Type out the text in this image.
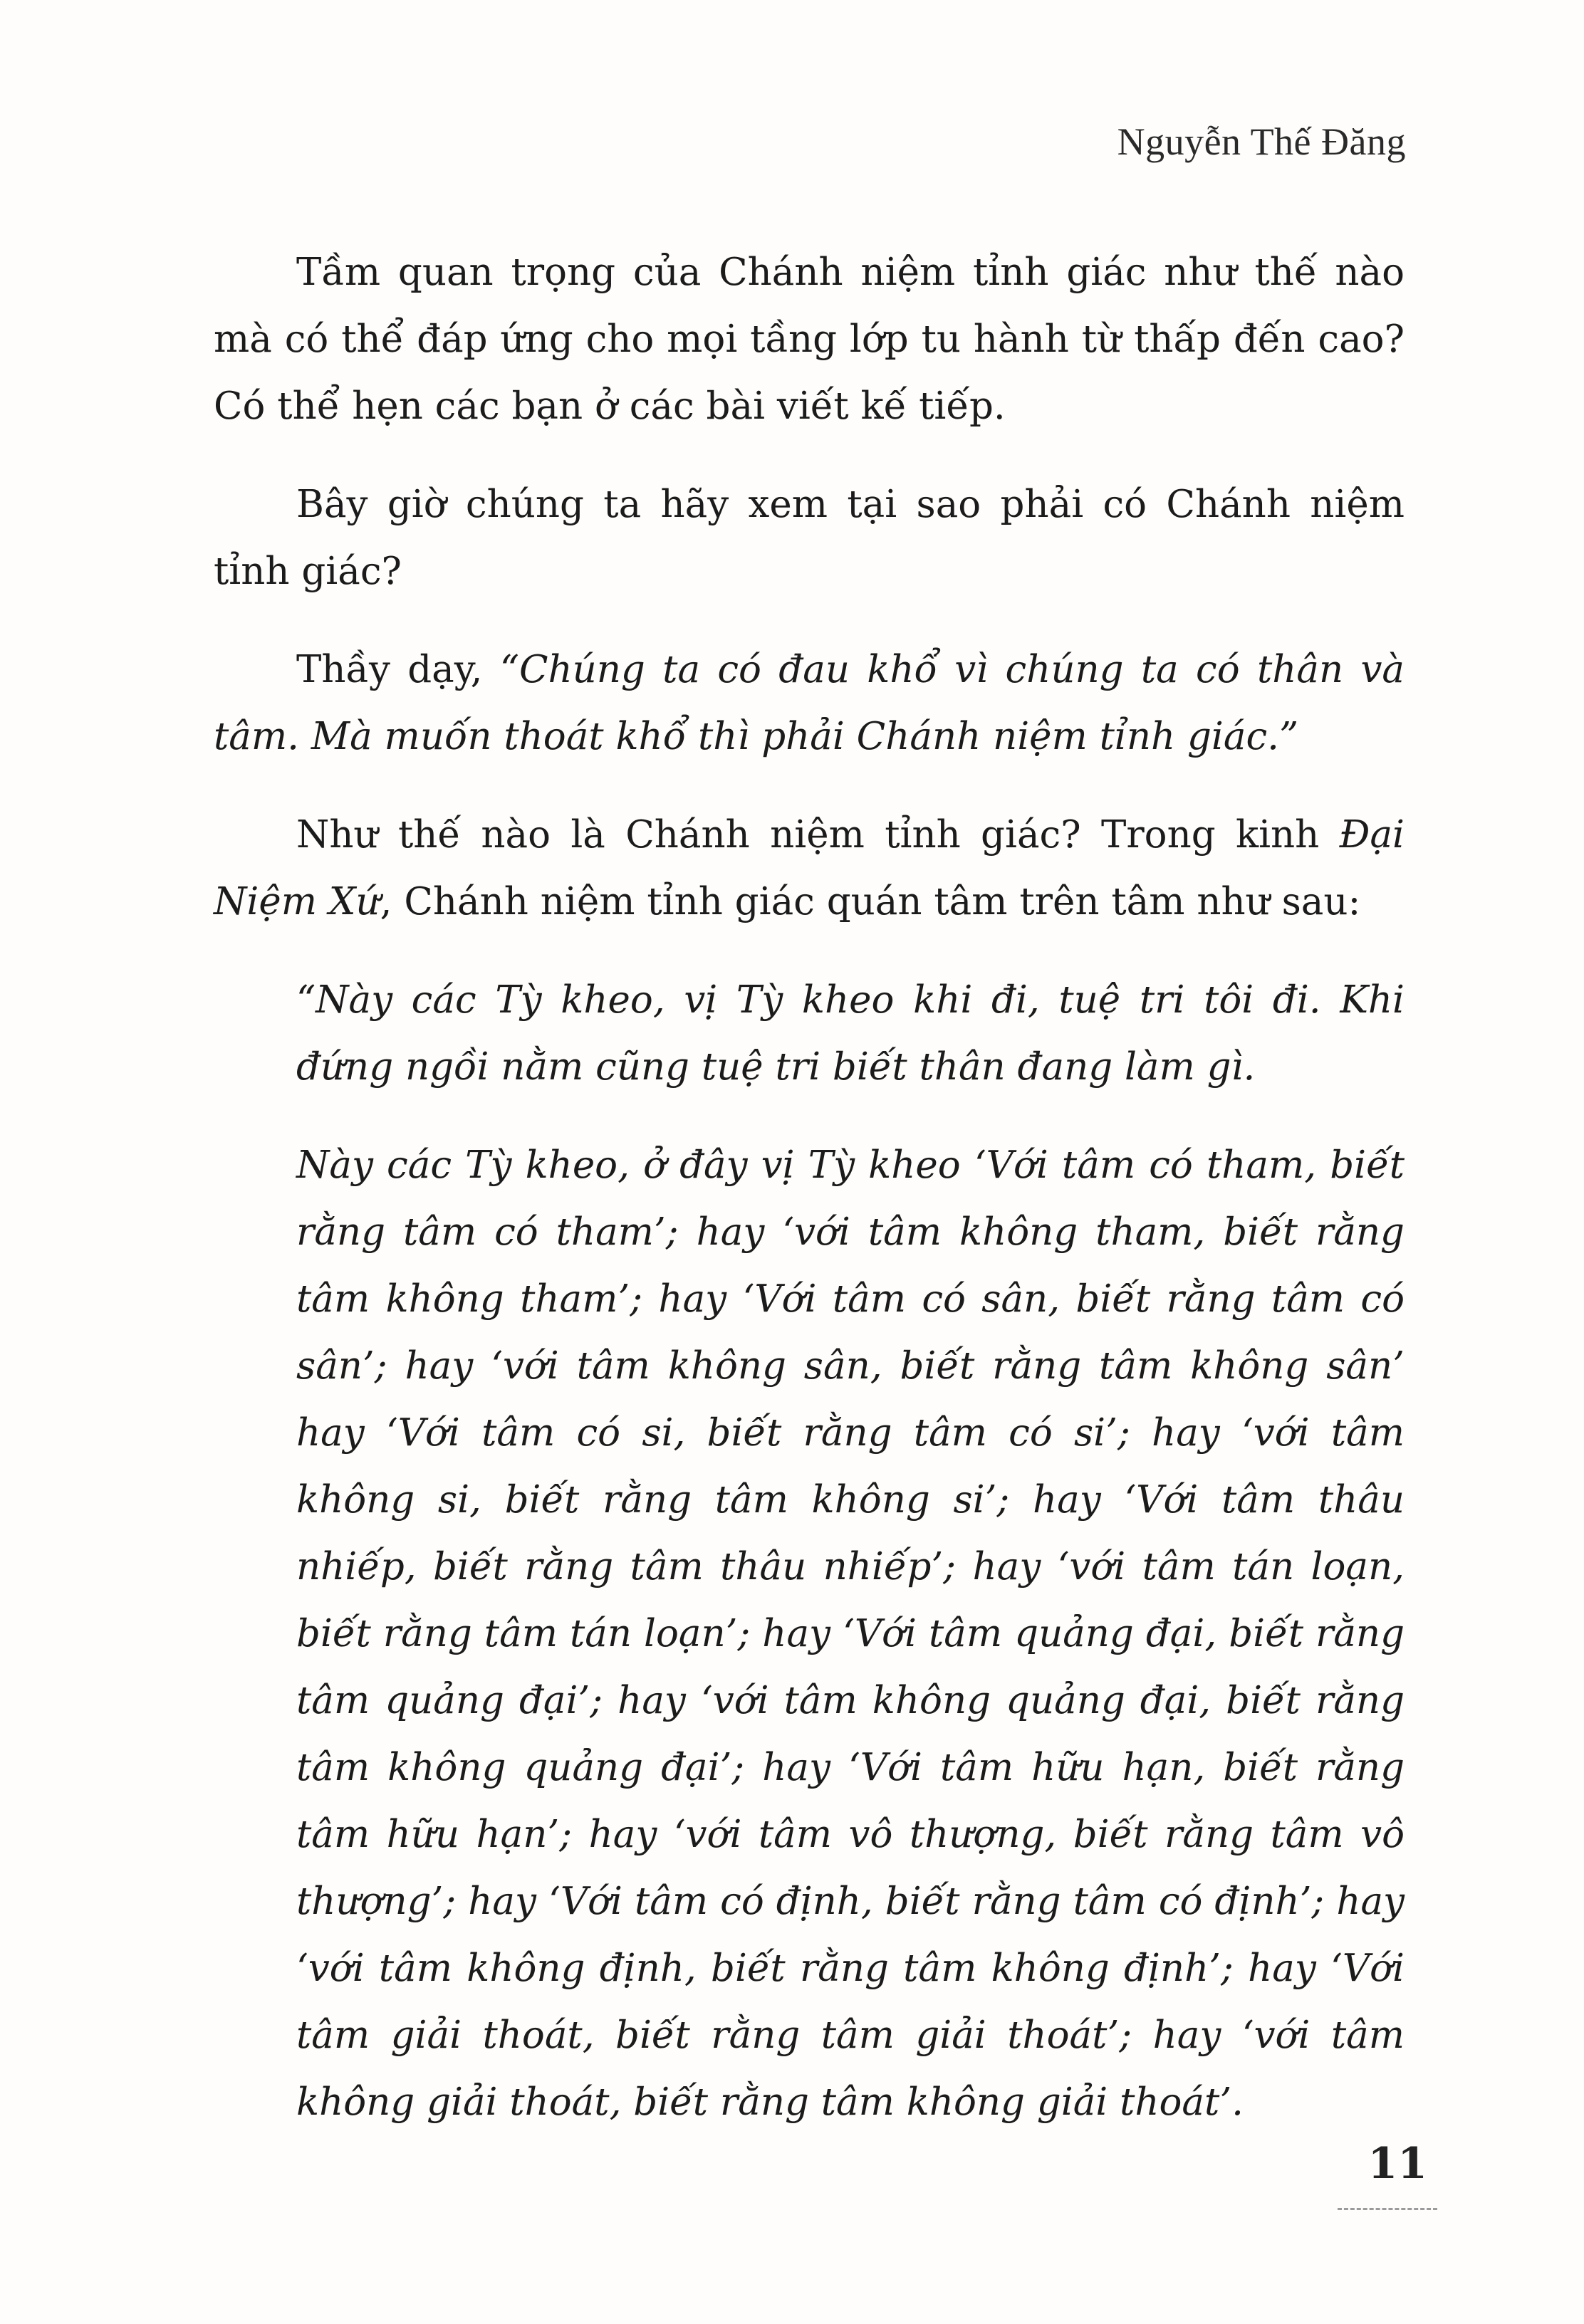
Nguyễn Thế Đăng

Tầm quan trọng của Chánh niệm tỉnh giác như thế nào mà có thể đáp ứng cho mọi tầng lớp tu hành từ thấp đến cao? Có thể hẹn các bạn ở các bài viết kế tiếp.

Bây giờ chúng ta hãy xem tại sao phải có Chánh niệm tỉnh giác?

Thầy dạy, “Chúng ta có đau khổ vì chúng ta có thân và tâm. Mà muốn thoát khổ thì phải Chánh niệm tỉnh giác.”

Như thế nào là Chánh niệm tỉnh giác? Trong kinh Đại Niệm Xứ, Chánh niệm tỉnh giác quán tâm trên tâm như sau:

“Này các Tỳ kheo, vị Tỳ kheo khi đi, tuệ tri tôi đi. Khi đứng ngồi nằm cũng tuệ tri biết thân đang làm gì.

Này các Tỳ kheo, ở đây vị Tỳ kheo ‘Với tâm có tham, biết rằng tâm có tham’; hay ‘với tâm không tham, biết rằng tâm không tham’; hay ‘Với tâm có sân, biết rằng tâm có sân’; hay ‘với tâm không sân, biết rằng tâm không sân’ hay ‘Với tâm có si, biết rằng tâm có si’; hay ‘với tâm không si, biết rằng tâm không si’; hay ‘Với tâm thâu nhiếp, biết rằng tâm thâu nhiếp’; hay ‘với tâm tán loạn, biết rằng tâm tán loạn’; hay ‘Với tâm quảng đại, biết rằng tâm quảng đại’; hay ‘với tâm không quảng đại, biết rằng tâm không quảng đại’; hay ‘Với tâm hữu hạn, biết rằng tâm hữu hạn’; hay ‘với tâm vô thượng, biết rằng tâm vô thượng’; hay ‘Với tâm có định, biết rằng tâm có định’; hay ‘với tâm không định, biết rằng tâm không định’; hay ‘Với tâm giải thoát, biết rằng tâm giải thoát’; hay ‘với tâm không giải thoát, biết rằng tâm không giải thoát’.

11
